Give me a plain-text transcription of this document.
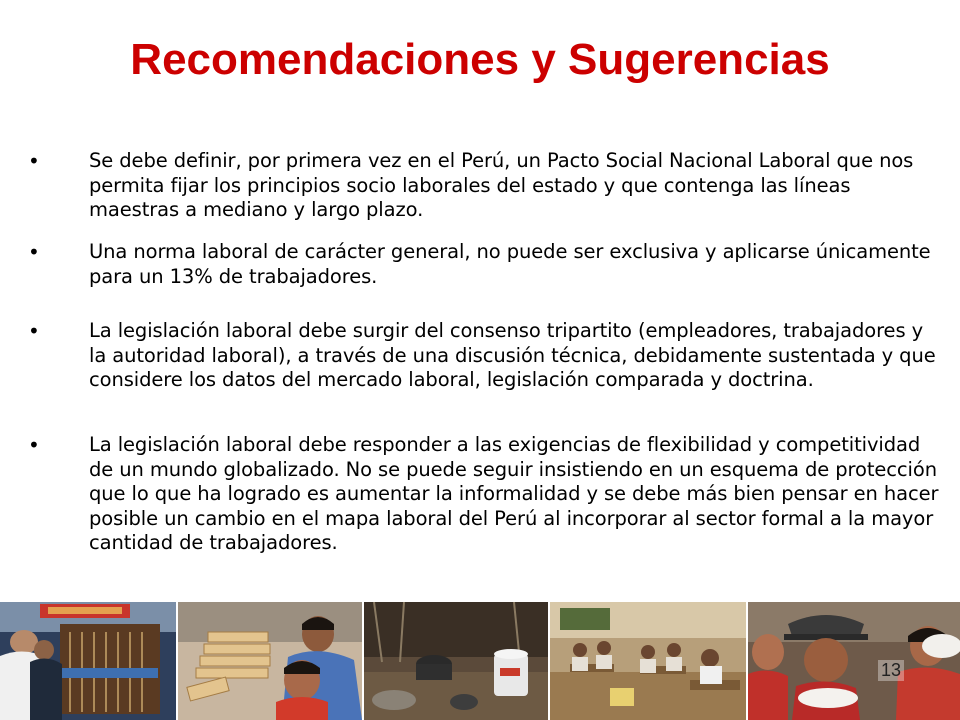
Recomendaciones y Sugerencias
•	Se debe definir, por primera vez en el Perú, un Pacto Social Nacional Laboral que nos permita fijar los principios socio laborales del estado y que contenga las líneas maestras a mediano y largo plazo.

•	Una norma laboral de carácter general, no puede ser exclusiva y aplicarse únicamente para un 13% de trabajadores.

•	La legislación laboral debe surgir del consenso tripartito (empleadores, trabajadores y la autoridad laboral), a través de una discusión técnica, debidamente sustentada y que considere los datos del mercado laboral, legislación comparada y doctrina.

•	La legislación laboral debe responder a las exigencias de flexibilidad y competitividad de un mundo globalizado. No se puede seguir insistiendo en un esquema de protección que lo que ha logrado es aumentar la informalidad y se debe más bien pensar en hacer posible un cambio en el mapa laboral del Perú al incorporar al sector formal a la mayor cantidad de trabajadores.

13
